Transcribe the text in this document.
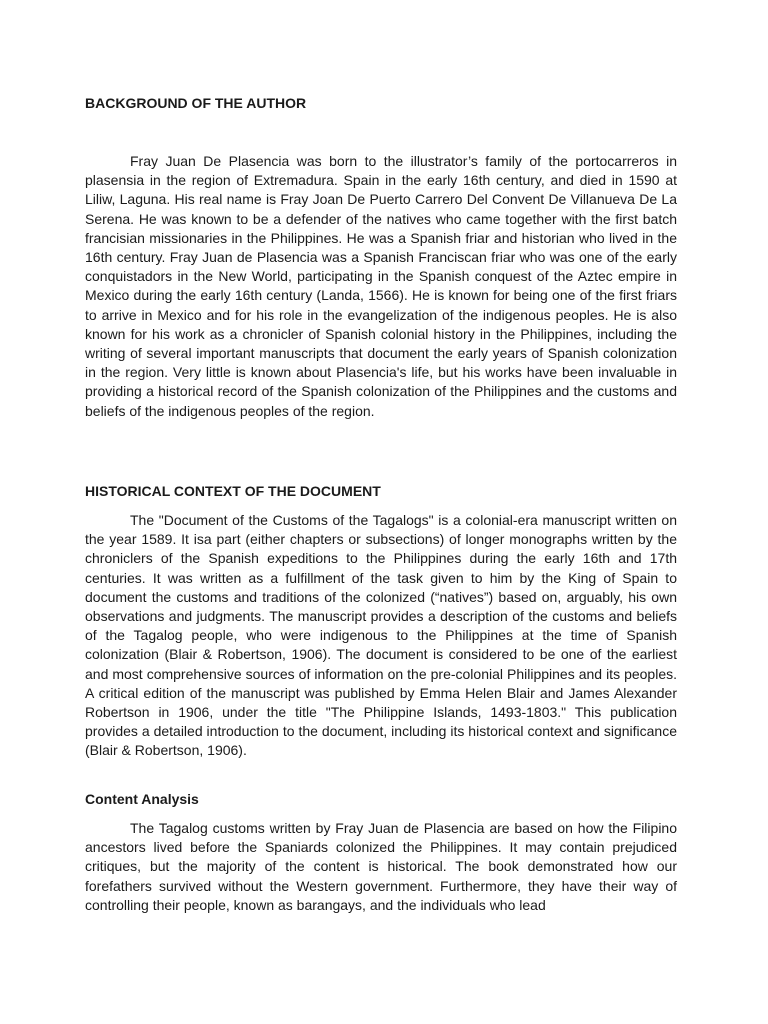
BACKGROUND OF THE AUTHOR

Fray Juan De Plasencia was born to the illustrator’s family of the portocarreros in plasensia in the region of Extremadura. Spain in the early 16th century, and died in 1590 at Liliw, Laguna. His real name is Fray Joan De Puerto Carrero Del Convent De Villanueva De La Serena. He was known to be a defender of the natives who came together with the first batch francisian missionaries in the Philippines. He was a Spanish friar and historian who lived in the 16th century. Fray Juan de Plasencia was a Spanish Franciscan friar who was one of the early conquistadors in the New World, participating in the Spanish conquest of the Aztec empire in Mexico during the early 16th century (Landa, 1566). He is known for being one of the first friars to arrive in Mexico and for his role in the evangelization of the indigenous peoples. He is also known for his work as a chronicler of Spanish colonial history in the Philippines, including the writing of several important manuscripts that document the early years of Spanish colonization in the region. Very little is known about Plasencia's life, but his works have been invaluable in providing a historical record of the Spanish colonization of the Philippines and the customs and beliefs of the indigenous peoples of the region.

HISTORICAL CONTEXT OF THE DOCUMENT

The "Document of the Customs of the Tagalogs" is a colonial-era manuscript written on the year 1589. It isa part (either chapters or subsections) of longer monographs written by the chroniclers of the Spanish expeditions to the Philippines during the early 16th and 17th centuries. It was written as a fulfillment of the task given to him by the King of Spain to document the customs and traditions of the colonized (“natives”) based on, arguably, his own observations and judgments. The manuscript provides a description of the customs and beliefs of the Tagalog people, who were indigenous to the Philippines at the time of Spanish colonization (Blair & Robertson, 1906). The document is considered to be one of the earliest and most comprehensive sources of information on the pre-colonial Philippines and its peoples. A critical edition of the manuscript was published by Emma Helen Blair and James Alexander Robertson in 1906, under the title "The Philippine Islands, 1493-1803." This publication provides a detailed introduction to the document, including its historical context and significance (Blair & Robertson, 1906).

Content Analysis

The Tagalog customs written by Fray Juan de Plasencia are based on how the Filipino ancestors lived before the Spaniards colonized the Philippines. It may contain prejudiced critiques, but the majority of the content is historical. The book demonstrated how our forefathers survived without the Western government. Furthermore, they have their way of controlling their people, known as barangays, and the individuals who lead
